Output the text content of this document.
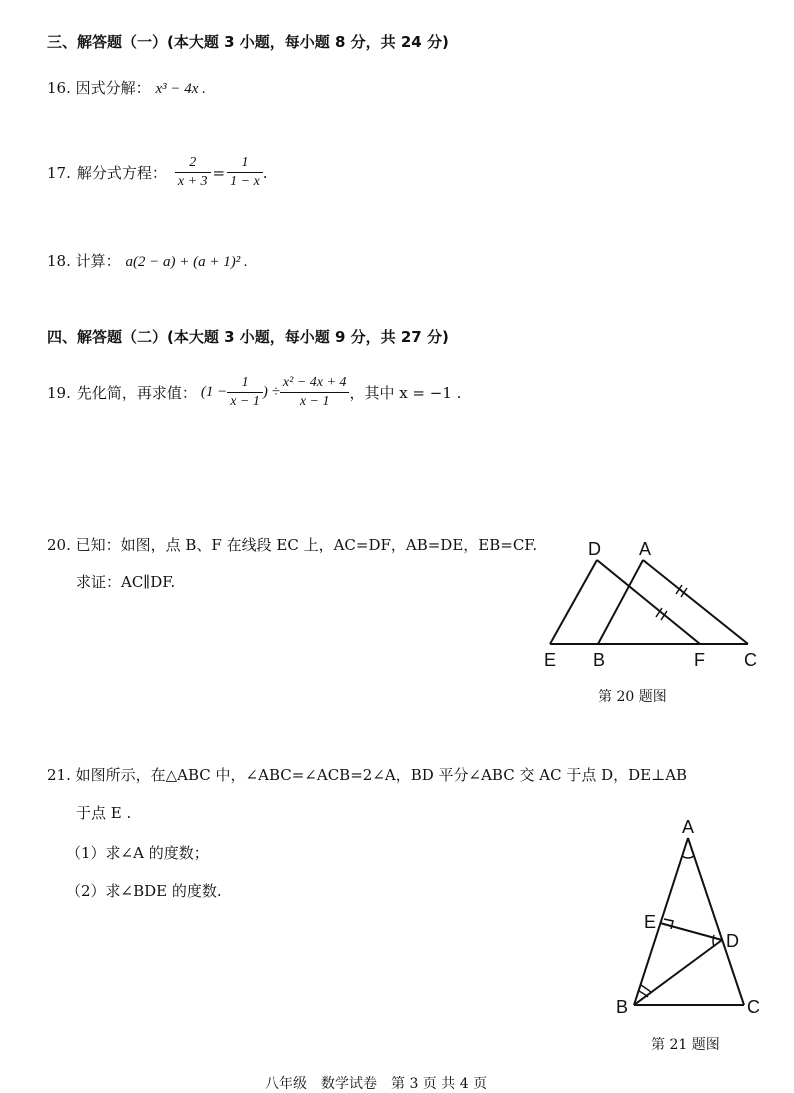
三、解答题（一）(本大题 3 小题，每小题 8 分，共 24 分)
16. 因式分解： x³ − 4x .
17. 解分式方程： $\frac{2}{x + 3} = \frac{1}{1 - x}$ .
18. 计算： a(2 − a) + (a + 1)² .
四、解答题（二）(本大题 3 小题，每小题 9 分，共 27 分)
19. 先化简，再求值： ($1 - \frac{1}{x - 1}$ ) ÷ $\frac{\text{x² − 4x + 4}}{x - 1}$ ，其中 x = −1 .
20. 已知：如图，点 B、F 在线段 EC 上，AC=DF，AB=DE，EB=CF.
求证：AC∥DF.
D A
E B	F C
第 20 题图
21. 如图所示，在△ABC 中，∠ABC=∠ACB=2∠A，BD 平分∠ABC 交 AC 于点 D，DE⊥AB
于点 E .
（1）求∠A 的度数；
（2）求∠BDE 的度数.
A
E
D
B	C
第 21 题图
八年级　数学试卷　第 3 页 共 4 页
